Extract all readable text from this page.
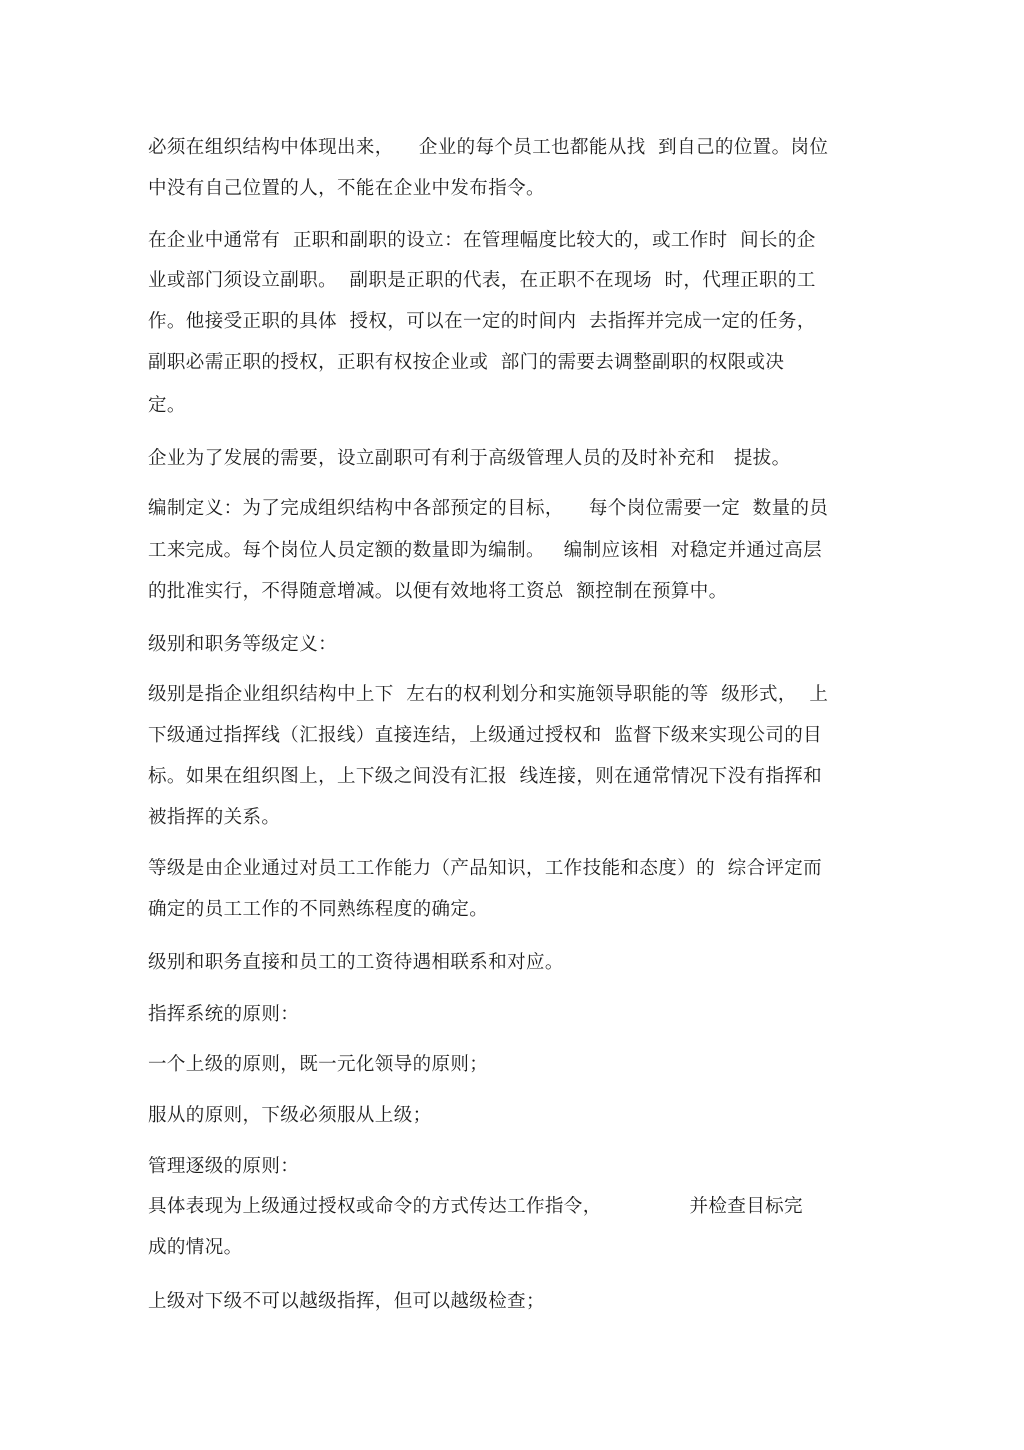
必须在组织结构中体现出来，    企业的每个员工也都能从找  到自己的位置。岗位
中没有自己位置的人，不能在企业中发布指令。
在企业中通常有  正职和副职的设立：在管理幅度比较大的，或工作时  间长的企
业或部门须设立副职。  副职是正职的代表，在正职不在现场  时，代理正职的工
作。他接受正职的具体  授权，可以在一定的时间内  去指挥并完成一定的任务，
副职必需正职的授权，正职有权按企业或  部门的需要去调整副职的权限或决
定。
企业为了发展的需要，设立副职可有利于高级管理人员的及时补充和   提拔。
编制定义：为了完成组织结构中各部预定的目标，    每个岗位需要一定  数量的员
工来完成。每个岗位人员定额的数量即为编制。   编制应该相  对稳定并通过高层
的批准实行，不得随意增减。以便有效地将工资总  额控制在预算中。
级别和职务等级定义：
级别是指企业组织结构中上下  左右的权利划分和实施领导职能的等  级形式，  上
下级通过指挥线（汇报线）直接连结，上级通过授权和  监督下级来实现公司的目
标。如果在组织图上，上下级之间没有汇报  线连接，则在通常情况下没有指挥和
被指挥的关系。
等级是由企业通过对员工工作能力（产品知识，工作技能和态度）的  综合评定而
确定的员工工作的不同熟练程度的确定。
级别和职务直接和员工的工资待遇相联系和对应。
指挥系统的原则：
一个上级的原则，既一元化领导的原则；
服从的原则，下级必须服从上级；
管理逐级的原则：
具体表现为上级通过授权或命令的方式传达工作指令，              并检查目标完
成的情况。
上级对下级不可以越级指挥，但可以越级检查；
